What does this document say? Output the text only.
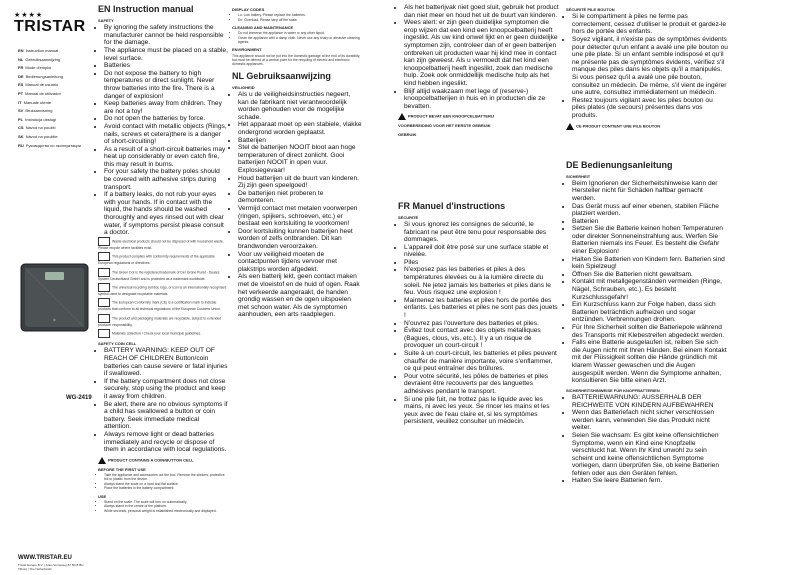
★★★★
TRISTAR
EN Instruction manual
NL Gebruiksaanwijzing
FR Mode d'emploi
DE Bedienungsanleitung
ES Manual de usuario
PT Manual de utilizador
IT Manuale utente
SV Bruksanvisning
PL Instrukcja obsługi
CS Návod na použití
SK Návod na použitie
RU Руководство по эксплуатации
WG-2419
WWW.TRISTAR.EU
Tristar Europe B.V. | Jules Verneweg 87 5015 BH Tilburg | The Netherlands
EN Instruction manual
SAFETY
• By ignoring the safety instructions the manufacturer cannot be held responsible for the damage.
• The appliance must be placed on a stable, level surface.
• Batteries
• Do not expose the battery to high temperatures or direct sunlight. Never throw batteries into the fire. There is a danger of explosion!
• Keep batteries away from children. They are not a toy!
• Do not open the batteries by force.
• Avoid contact with metallic objects (Rings, nails, screws et cetera)there is a danger of short-circuiting!
• As a result of a short-circuit batteries may heat up considerably or even catch fire, this may result in burns.
• For your safety the battery poles should be covered with adhesive strips during transport.
• If a battery leaks, do not rub your eyes with your hands. If in contact with the liquid, the hands should be washed thoroughly and eyes rinsed out with clear water, if symptoms persist please consult a doctor.

Waste electrical products should not be disposed of with household waste. Please recycle where facilities exist.

This product complies with conformity requirements of the applicable European regulations or directives.

The Green Dot is the registered trademark of Der Grüne Punkt - Duales System Deutschland GmbH and is protected as a trademark worldwide.

The universal recycling symbol, logo, or icon is an internationally recognised symbol used to designate recyclable materials.

The European Conformity mark (CE) is a certification mark to indicate products that conform to all technical regulations of the European Customs Union.

The product and packaging materials are recyclable, subject to extended producer responsibility.

Materials collection / Check your local municipal guidelines.

SAFETY COIN CELL
• BATTERY WARNING: KEEP OUT OF REACH OF CHILDREN Button/coin batteries can cause severe or fatal injuries if swallowed.
• If the battery compartment does not close securely, stop using the product and keep it away from children.
• Be alert, there are no obvious symptoms if a child has swallowed a button or coin battery. Seek immediate medical attention.
• Always remove light or dead batteries immediately and recycle or dispose of them in accordance with local regulations.
PRODUCT CONTAINS A COIN/BUTTON CELL
BEFORE THE FIRST USE
• Take the appliance and accessories out the box. Remove the stickers, protective foil or plastic from the device.
• Always stand the scale on a hard and flat surface.
• Place the batteries in the battery compartment.
USE
• Stand on the scale. The scale will turn on automatically.
• Always stand in the centre of the platform.
• While seconds, personal weight is established electronically and displayed.
DISPLAY CODES
• Lo: Low battery. Please replace the batteries.
• Err: Overload. Please step off the scale.
CLEANING AND MAINTENANCE
• Do not immerse the appliance in water or any other liquid.
• Clean the appliance with a damp cloth. Never use any sharp or abrasive cleaning agents.
ENVIRONMENT

This appliance should not be put into the domestic garbage at the end of its durability, but must be offered at a central point for the recycling of electric and electronic domestic appliances.

NL Gebruiksaanwijzing
VEILIGHEID
• Als u de veiligheidsinstructies negeert, kan de fabrikant niet verantwoordelijk worden gehouden voor de mogelijke schade.
• Het apparaat moet op een stabiele, vlakke ondergrond worden geplaatst.
• Batterijen
• Stel de batterijen NOOIT bloot aan hoge temperaturen of direct zonlicht. Gooi batterijen NOOIT in open vuur. Explosiegevaar!
• Houd batterijen uit de buurt van kinderen. Zij zijn geen speelgoed!
• De batterijen niet proberen te demonteren.
• Vermijd contact met metalen voorwerpen (ringen, spijkers, schroeven, etc.) er bestaat een kortsluiting te voorkomen!
• Door kortsluiting kunnen batterijen heet worden of zelfs ontbranden. Dit kan brandwonden veroorzaken.
• Voor uw veiligheid moeten de contactpunten tijdens vervoer met plakstrips worden afgedekt.
• Als een batterij lekt, geen contact maken met de vloeistof en de huid of ogen. Raak het verkeerde aangeraakt, de handen grondig wassen en de ogen uitspoelen met schoon water. Als de symptomen aanhouden, een arts raadplegen.
• Als het batterijvak niet goed sluit, gebruik het product dan niet meer en houd het uit de buurt van kinderen.
• Wees alert: er zijn geen duidelijke symptomen die erop wijzen dat een kind een knoopcelbatterij heeft ingeslikt. Als uw kind onwel lijkt en er geen duidelijke symptomen zijn, controleer dan of er geen batterijen ontbreken uit producten waar hij kind mee in contact kan zijn geweest. Als u vermoedt dat het kind een knoopcelbatterij heeft ingeslikt, zoek dan medische hulp. Zoek ook onmiddellijk medische hulp als het kind hebben ingeslikt.
• Blijf altijd waakzaam met lege of (reserve-) knoopcelbatterijen in huis en in producten die ze bevatten.
PRODUCT BEVAT EEN KNOOPCELBATTERIJ
VOORBEREIDING VOOR HET EERSTE GEBRUIK
GEBRUIK
FR Manuel d'instructions
SÉCURITÉ
• Si vous ignorez les consignes de sécurité, le fabricant ne peut être tenu pour responsable des dommages.
• L'appareil doit être posé sur une surface stable et nivelée.
• Piles
• N'exposez pas les batteries et piles à des températures élevées ou à la lumière directe du soleil. Ne jetez jamais les batteries et piles dans le feu. Vous risquez une explosion !
• Maintenez les batteries et piles hors de portée des enfants. Les batteries et piles ne sont pas des jouets !
• N'ouvrez pas l'ouverture des batteries et piles.
• Évitez tout contact avec des objets métalliques (Bagues, clous, vis, etc.). Il y a un risque de provoquer un court-circuit !
• Suite à un court-circuit, les batteries et piles peuvent chauffer de manière importante, voire s'enflammer, ce qui peut entraîner des brûlures.
• Pour votre sécurité, les pôles de batteries et piles devraient être recouverts par des languettes adhésives pendant le transport.
• Si une pile fuit, ne frottez pas le liquide avec les mains, ni avec les yeux. Se rincer les mains et les yeux avec de l'eau claire et, si les symptômes persistent, veuillez consulter un médecin.
SÉCURITÉ PILE BOUTON
• Si le compartiment à piles ne ferme pas correctement, cessez d'utiliser le produit et gardez-le hors de portée des enfants.
• Soyez vigilant, il n'existe pas de symptômes évidents pour détecter qu'un enfant a avalé une pile bouton ou une pile plate. Si un enfant semble indisposé et qu'il ne présente pas de symptômes évidents, vérifiez s'il manque des piles dans les objets qu'il a manipulés. Si vous pensez qu'il a avalé une pile bouton, consultez un médecin. De même, s'il vient de ingérer une autre, consultez immédiatement un médecin.
• Restez toujours vigilant avec les piles bouton ou piles plates (de secours) présentes dans vos produits.
CE PRODUIT CONTIENT UNE PILE BOUTON
DE Bedienungsanleitung
SICHERHEIT
• Beim Ignorieren der Sicherheitshinweise kann der Hersteller nicht für Schäden haftbar gemacht werden.
• Das Gerät muss auf einer ebenen, stabilen Fläche platziert werden.
• Batterien
• Setzen Sie die Batterie keinen hohen Temperaturen oder direkter Sonneneinstrahlung aus. Werfen Sie Batterien niemals ins Feuer. Es besteht die Gefahr einer Explosion!
• Halten Sie Batterien von Kindern fern. Batterien sind kein Spielzeug!
• Öffnen Sie die Batterien nicht gewaltsam.
• Kontakt mit metallgegenständen vermeiden (Ringe, Nägel, Schrauben, etc.). Es besteht Kurzschlussgefahr!
• Ein Kurzschluss kann zur Folge haben, dass sich Batterien beträchtlich aufheizen und sogar entzünden. Verbrennungen drohen.
• Für Ihre Sicherheit sollten die Batteriepole während des Transports mit Klebestreifen abgedeckt werden.
• Falls eine Batterie ausgelaufen ist, reiben Sie sich die Augen nicht mit Ihren Händen. Bei einem Kontakt mit der Flüssigkeit sollten die Hände gründlich mit klarem Wasser gewaschen und die Augen ausgespült werden. Wenn die Symptome anhalten, konsultieren Sie bitte einen Arzt.
SICHERHEITSHINWEISE FÜR KNOPFBATTERIEN
• BATTERIEWARNUNG: AUSSERHALB DER REICHWEITE VON KINDERN AUFBEWAHREN
• Wenn das Batteriefach nicht sicher verschlossen werden kann, verwenden Sie das Produkt nicht weiter.
• Seien Sie wachsam: Es gibt keine offensichtlichen Symptome, wenn ein Kind eine Knopfzelle verschluckt hat. Wenn Ihr Kind unwohl zu sein scheint und keine offensichtlichen Symptome vorliegen, dann überprüfen Sie, ob keine Batterien fehlen oder aus den Geräten fehlen.
• Halten Sie leere Batterien fern.
